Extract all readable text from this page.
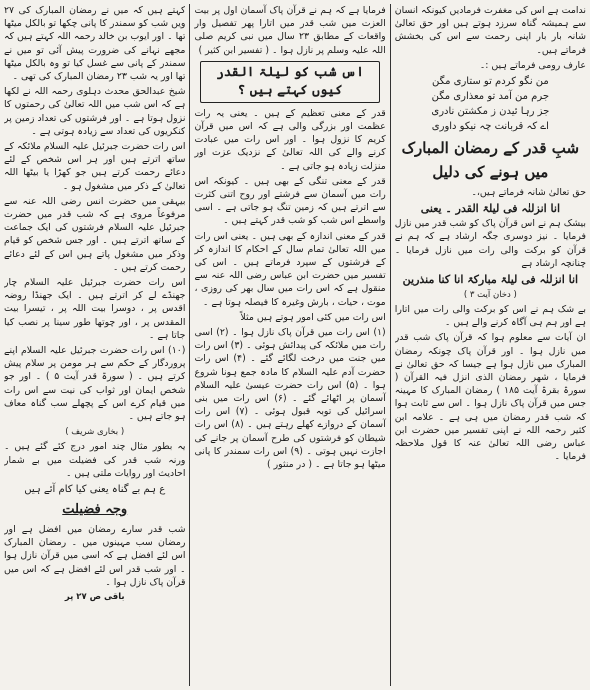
ندامت ہے اس کی مغفرت فرمادیں کیونکہ انسان سے ہمیشہ گناہ سرزد ہوتے ہیں اور حق تعالیٰ شانہ بار بار اپنی رحمت سے اس کی بخشش فرماتے ہیں۔

عارف رومی فرماتے ہیں :۔

من نگو کردم تو ستاری مگن
جرم من آمد تو معذاری مگن
جز رہا ئیدن ز مکشتن نادری
اے کہ قربانت چہ نیکو داوری
شبِ قدر کے رمضان المبارک
میں ہونے کی دلیل

حق تعالیٰ شانہ فرماتے ہیں،۔

انا انزلنٰہ فی لیلۃ القدر ۔ یعنی

بیشک ہم نے اس قرآن پاک کو شب قدر میں نازل فرمایا ۔ نیز دوسری جگہ ارشاد ہے کہ ہم نے قرآن کو برکت والی رات میں نازل فرمایا ۔ چنانچہ ارشاد ہے

انا انزلنٰہ فی لیلۃ مبارکۃ انا کنا منذرین
( دخان آیت ۳ )

بے شک ہم نے اس کو برکت والی رات میں اتارا ہے اور ہم ہی آگاہ کرنے والے ہیں ۔

ان آیات سے معلوم ہوا کہ قرآن پاک شب قدر میں نازل ہوا ۔ اور قرآن پاک چونکہ رمضان المبارک میں نازل ہوا ہے جیسا کہ حق تعالیٰ نے فرمایا ، شھر رمضان الذی انزل فیہ القرآن ( سورۃ بقرۃ آیت ۱۸۵ ) رمضان المبارک کا مہینہ جس میں قرآن پاک نازل ہوا ۔ اس سے ثابت ہوا کہ شب قدر رمضان میں ہی ہے ۔ علامہ ابن کثیر رحمہ اللہ نے اپنی تفسیر میں حضرت ابن عباس رضی اللہ تعالیٰ عنہ کا قول ملاحظہ فرمایا ۔

فرمایا ہے کہ ہم نے قرآن پاک آسمان اول پر بیت العزت میں شب قدر میں اتارا پھر تفصیل وار واقعات کے مطابق ۲۳ سال میں نبی کریم صلی اللہ علیہ وسلم پر نازل ہوا ۔ ( تفسیر ابن کثیر )

اس شب کو لیلۃ القدر کیوں کہتے ہیں ؟

قدر کے معنی تعظیم کے ہیں ۔ یعنی یہ رات عظمت اور بزرگی والی ہے کہ اس میں قرآن کریم کا نزول ہوا ۔ اور اس رات میں عبادت کرنے والے کی اللہ تعالیٰ کے نزدیک عزت اور منزلت زیادہ ہو جاتی ہے ۔

قدر کے معنی تنگی کے بھی ہیں ۔ کیونکہ اس رات میں آسمان سے فرشتے اور روح اتنی کثرت سے اترتے ہیں کہ زمین تنگ ہو جاتی ہے ۔ اسی واسطے اس شب کو شب قدر کہتے ہیں ۔

قدر کے معنی اندازہ کے بھی ہیں ۔ یعنی اس رات میں اللہ تعالیٰ تمام سال کے احکام کا اندازہ کر کے فرشتوں کے سپرد فرماتے ہیں ۔ اس کی تفسیر میں حضرت ابن عباس رضی اللہ عنہ سے منقول ہے کہ اس رات میں سال بھر کی روزی ، موت ، حیات ، بارش وغیرہ کا فیصلہ ہوتا ہے ۔

اس رات میں کئی امور ہوتے ہیں مثلاً

(۱) اس رات میں قرآن پاک نازل ہوا ۔ (۲) اسی رات میں ملائکہ کی پیدائش ہوئی ۔ (۳) اس رات میں جنت میں درخت لگائے گئے ۔ (۴) اس رات حضرت آدم علیہ السلام کا مادہ جمع ہونا شروع ہوا ۔ (۵) اس رات حضرت عیسیٰ علیہ السلام آسمان پر اٹھائے گئے ۔ (۶) اس رات میں بنی اسرائیل کی توبہ قبول ہوئی ۔ (۷) اس رات آسمان کے دروازے کھلے رہتے ہیں ۔ (۸) اس رات شیطان کو فرشتوں کی طرح آسمان پر جانے کی اجازت نہیں ہوتی ۔ (۹) اس رات سمندر کا پانی میٹھا ہو جاتا ہے ۔ ( در منثور )

کہتے ہیں کہ میں نے رمضان المبارک کی ۲۷ ویں شب کو سمندر کا پانی چکھا تو بالکل میٹھا تھا ۔ اور ایوب بن خالد رحمہ اللہ کہتے ہیں کہ مجھے نہانے کی ضرورت پیش آئی تو میں نے سمندر کے پانی سے غسل کیا تو وہ بالکل میٹھا تھا اور یہ شب ۲۳ رمضان المبارک کی تھی ۔

شیخ عبدالحق محدث دہلوی رحمہ اللہ نے لکھا ہے کہ اس شب میں اللہ تعالیٰ کی رحمتوں کا نزول ہوتا ہے ۔ اور فرشتوں کی تعداد زمین پر کنکریوں کی تعداد سے زیادہ ہوتی ہے ۔

اس رات حضرت جبرئیل علیہ السلام ملائکہ کے ساتھ اترتے ہیں اور ہر اس شخص کے لئے دعائے رحمت کرتے ہیں جو کھڑا یا بیٹھا اللہ تعالیٰ کے ذکر میں مشغول ہو ۔

بیہقی میں حضرت انس رضی اللہ عنہ سے مرفوعاً مروی ہے کہ شب قدر میں حضرت جبرئیل علیہ السلام فرشتوں کی ایک جماعت کے ساتھ اترتے ہیں ۔ اور جس شخص کو قیام وذکر میں مشغول پاتے ہیں اس کے لئے دعائے رحمت کرتے ہیں ۔

اس رات حضرت جبرئیل علیہ السلام چار جھنڈے لے کر اترتے ہیں ۔ ایک جھنڈا روضہ اقدس پر ، دوسرا بیت اللہ پر ، تیسرا بیت المقدس پر ، اور چوتھا طور سینا پر نصب کیا جاتا ہے ۔

(۱۰) اس رات حضرت جبرئیل علیہ السلام اپنے پروردگار کے حکم سے ہر مومن پر سلام پیش کرتے ہیں ۔ ( سورۃ قدر آیت ۵ ) ۔ اور جو شخص ایمان اور ثواب کی نیت سے اس رات میں قیام کرے اس کے پچھلے سب گناہ معاف ہو جاتے ہیں ۔

( بخاری شریف )

یہ بطور مثال چند امور درج کئے گئے ہیں ۔ ورنہ شب قدر کی فضیلت میں بے شمار احادیث اور روایات ملتی ہیں ۔

ع ہم بے گناہ یعنی کیا کام آئے ہیں
وجہ فضیلت

شب قدر سارے رمضان میں افضل ہے اور رمضان سب مہینوں میں ۔ رمضان المبارک اس لئے افضل ہے کہ اسی میں قرآن نازل ہوا ۔ اور شب قدر اس لئے افضل ہے کہ اس میں قرآن پاک نازل ہوا ۔

باقی ص ۲۷ پر
